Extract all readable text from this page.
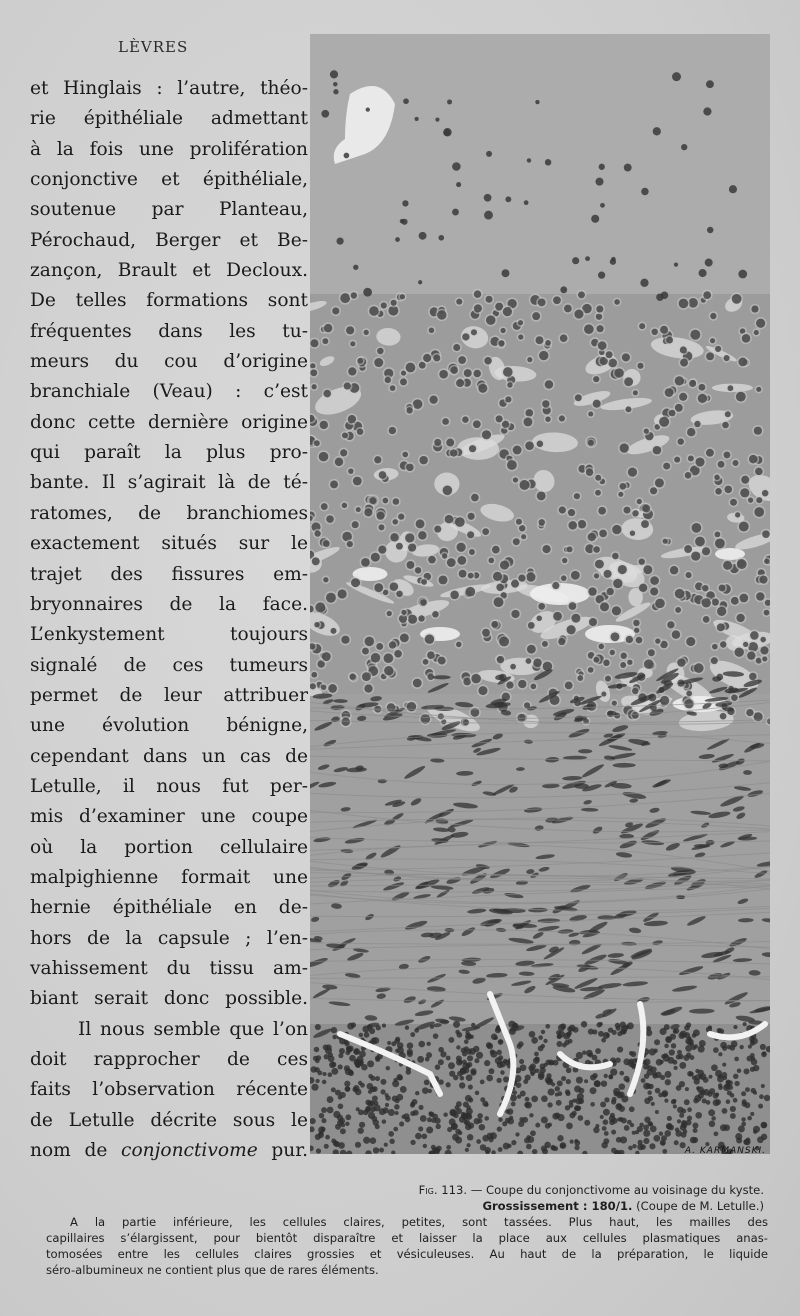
LÈVRES
et Hinglais : l’autre, théo-
rie épithéliale admettant
à la fois une prolifération
conjonctive et épithéliale,
soutenue par Planteau,
Pérochaud, Berger et Be-
zançon, Brault et Decloux.
De telles formations sont
fréquentes dans les tu-
meurs du cou d’origine
branchiale (Veau) : c’est
donc cette dernière origine
qui paraît la plus pro-
bante. Il s’agirait là de té-
ratomes, de branchiomes
exactement situés sur le
trajet des fissures em-
bryonnaires de la face.
L’enkystement toujours
signalé de ces tumeurs
permet de leur attribuer
une évolution bénigne,
cependant dans un cas de
Letulle, il nous fut per-
mis d’examiner une coupe
où la portion cellulaire
malpighienne formait une
hernie épithéliale en de-
hors de la capsule ; l’en-
vahissement du tissu am-
biant serait donc possible.
Il nous semble que l’on
doit rapprocher de ces
faits l’observation récente
de Letulle décrite sous le
nom de conjonctivome pur.	A. KARMANSKI.
Fig. 113. — Coupe du conjonctivome au voisinage du kyste.
Grossissement : 180/1. (Coupe de M. Letulle.)
A la partie inférieure, les cellules claires, petites, sont tassées. Plus haut, les mailles des
capillaires s’élargissent, pour bientôt disparaître et laisser la place aux cellules plasmatiques anas-
tomosées entre les cellules claires grossies et vésiculeuses. Au haut de la préparation, le liquide
séro-albumineux ne contient plus que de rares éléments.
